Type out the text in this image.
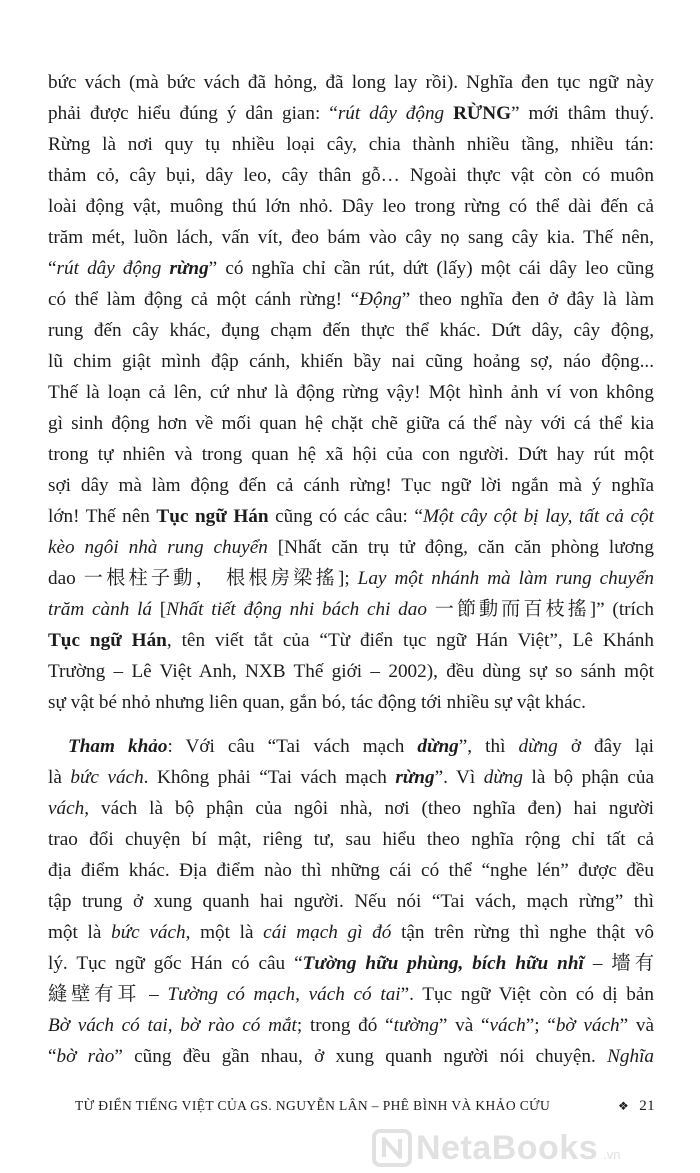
bức vách (mà bức vách đã hỏng, đã long lay rồi). Nghĩa đen tục ngữ này
phải được hiểu đúng ý dân gian: “rút dây động RỪNG” mới thâm thuý.
Rừng là nơi quy tụ nhiều loại cây, chia thành nhiều tầng, nhiều tán:
thảm cỏ, cây bụi, dây leo, cây thân gỗ… Ngoài thực vật còn có muôn
loài động vật, muông thú lớn nhỏ. Dây leo trong rừng có thể dài đến cả
trăm mét, luồn lách, vấn vít, đeo bám vào cây nọ sang cây kia. Thế nên,
“rút dây động rừng” có nghĩa chỉ cần rút, dứt (lấy) một cái dây leo cũng
có thể làm động cả một cánh rừng! “Động” theo nghĩa đen ở đây là làm
rung đến cây khác, đụng chạm đến thực thể khác. Dứt dây, cây động,
lũ chim giật mình đập cánh, khiến bầy nai cũng hoảng sợ, náo động...
Thế là loạn cả lên, cứ như là động rừng vậy! Một hình ảnh ví von không
gì sinh động hơn về mối quan hệ chặt chẽ giữa cá thể này với cá thể kia
trong tự nhiên và trong quan hệ xã hội của con người. Dứt hay rút một
sợi dây mà làm động đến cả cánh rừng! Tục ngữ lời ngắn mà ý nghĩa
lớn! Thế nên Tục ngữ Hán cũng có các câu: “Một cây cột bị lay, tất cả cột
kèo ngôi nhà rung chuyển [Nhất căn trụ tử động, căn căn phòng lương
dao 一根柱子動， 根根房梁搖]; Lay một nhánh mà làm rung chuyển
trăm cành lá [Nhất tiết động nhi bách chi dao 一節動而百枝搖]” (trích
Tục ngữ Hán, tên viết tắt của “Từ điển tục ngữ Hán Việt”, Lê Khánh
Trường – Lê Việt Anh, NXB Thế giới – 2002), đều dùng sự so sánh một
sự vật bé nhỏ nhưng liên quan, gắn bó, tác động tới nhiều sự vật khác.
Tham khảo: Với câu “Tai vách mạch dừng”, thì dừng ở đây lại
là bức vách. Không phải “Tai vách mạch rừng”. Vì dừng là bộ phận của
vách, vách là bộ phận của ngôi nhà, nơi (theo nghĩa đen) hai người
trao đổi chuyện bí mật, riêng tư, sau hiểu theo nghĩa rộng chỉ tất cả
địa điểm khác. Địa điểm nào thì những cái có thể “nghe lén” được đều
tập trung ở xung quanh hai người. Nếu nói “Tai vách, mạch rừng” thì
một là bức vách, một là cái mạch gì đó tận trên rừng thì nghe thật vô
lý. Tục ngữ gốc Hán có câu “Tường hữu phùng, bích hữu nhĩ – 墻有
縫壁有耳 – Tường có mạch, vách có tai”. Tục ngữ Việt còn có dị bản
Bờ vách có tai, bờ rào có mắt; trong đó “tường” và “vách”; “bờ vách” và
“bờ rào” cũng đều gần nhau, ở xung quanh người nói chuyện. Nghĩa
TỪ ĐIỂN TIẾNG VIỆT CỦA GS. NGUYỄN LÂN – PHÊ BÌNH VÀ KHẢO CỨU	❖ 21
NetaBooks .vn
